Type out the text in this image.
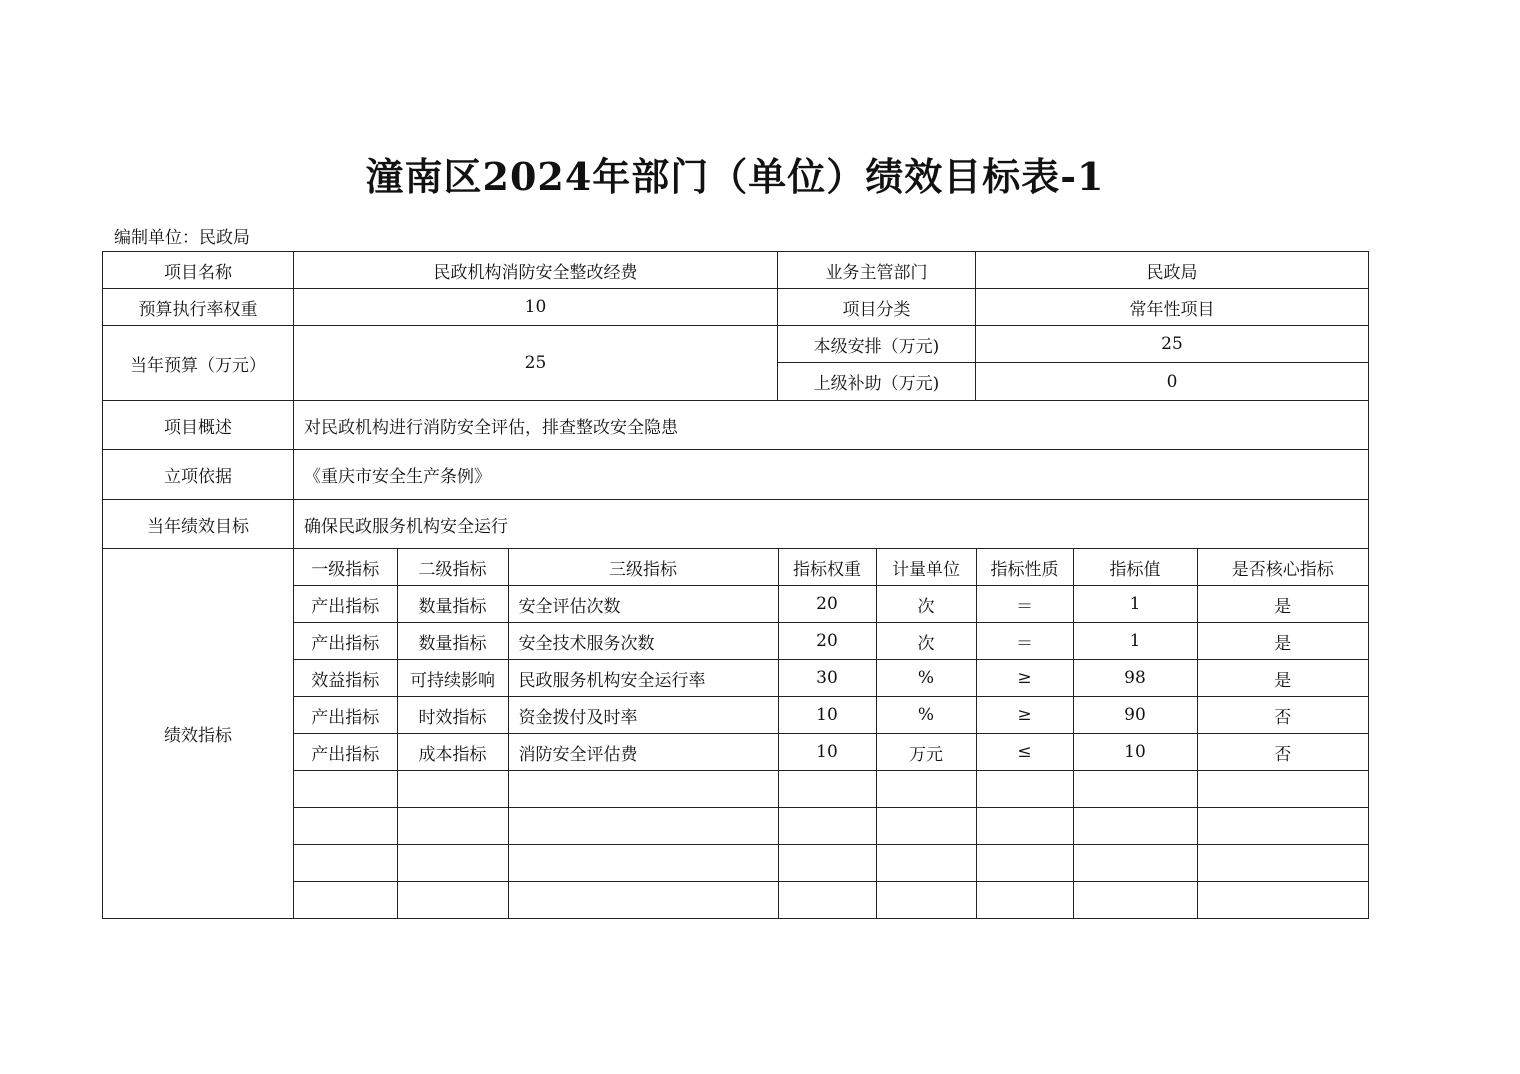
潼南区2024年部门（单位）绩效目标表-1
编制单位：民政局
项目名称	民政机构消防安全整改经费	业务主管部门	民政局
预算执行率权重	10	项目分类	常年性项目
当年预算（万元）	25	本级安排（万元)	25
上级补助（万元)	0
项目概述	对民政机构进行消防安全评估，排查整改安全隐患
立项依据	《重庆市安全生产条例》
当年绩效目标	确保民政服务机构安全运行
绩效指标	
一级指标	二级指标	三级指标	指标权重	计量单位	指标性质	指标值	是否核心指标
产出指标	数量指标	安全评估次数	20	次	＝	1	是
产出指标	数量指标	安全技术服务次数	20	次	＝	1	是
效益指标	可持续影响	民政服务机构安全运行率	30	%	≥	98	是
产出指标	时效指标	资金拨付及时率	10	%	≥	90	否
产出指标	成本指标	消防安全评估费	10	万元	≤	10	否
